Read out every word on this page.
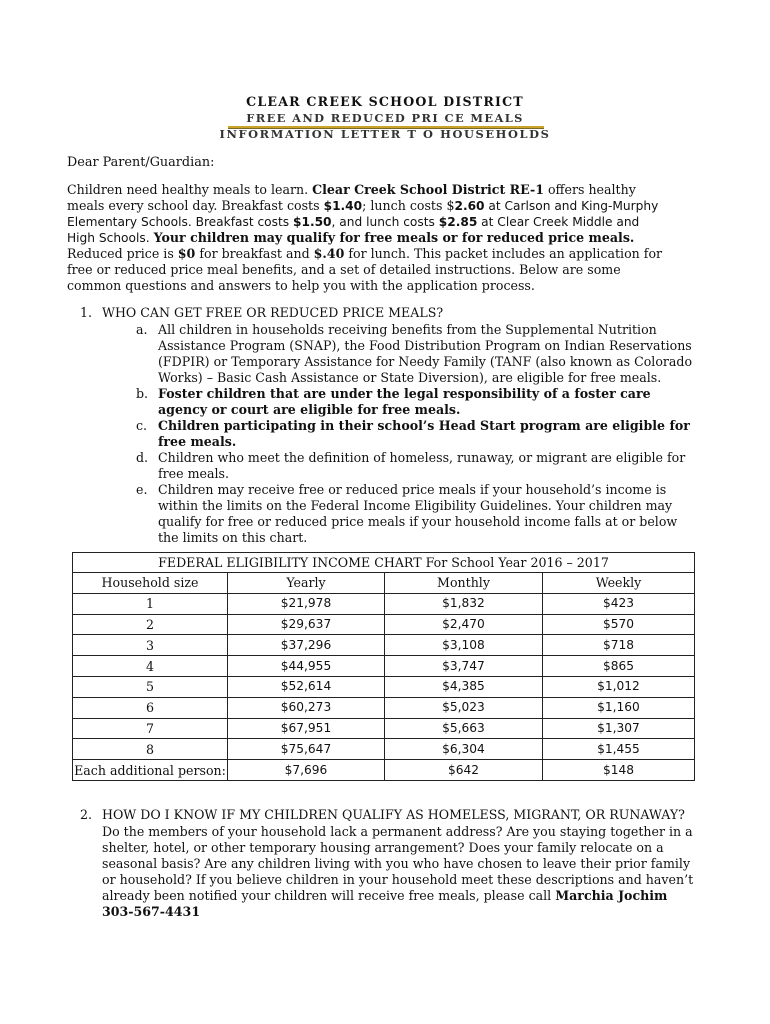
CLEAR CREEK SCHOOL DISTRICT
FREE AND REDUCED PRI CE MEALS
INFORMATION LETTER T O HOUSEHOLDS
Dear Parent/Guardian:
Children need healthy meals to learn. Clear Creek School District RE-1 offers healthy meals every school day. Breakfast costs $1.40; lunch costs $2.60 at Carlson and King-Murphy Elementary Schools. Breakfast costs $1.50, and lunch costs $2.85 at Clear Creek Middle and High Schools. Your children may qualify for free meals or for reduced price meals. Reduced price is $0 for breakfast and $.40 for lunch. This packet includes an application for free or reduced price meal benefits, and a set of detailed instructions. Below are some common questions and answers to help you with the application process.
1. WHO CAN GET FREE OR REDUCED PRICE MEALS?
a. All children in households receiving benefits from the Supplemental Nutrition Assistance Program (SNAP), the Food Distribution Program on Indian Reservations (FDPIR) or Temporary Assistance for Needy Family (TANF (also known as Colorado Works) – Basic Cash Assistance or State Diversion), are eligible for free meals.
b. Foster children that are under the legal responsibility of a foster care agency or court are eligible for free meals.
c. Children participating in their school’s Head Start program are eligible for free meals.
d. Children who meet the definition of homeless, runaway, or migrant are eligible for free meals.
e. Children may receive free or reduced price meals if your household’s income is within the limits on the Federal Income Eligibility Guidelines. Your children may qualify for free or reduced price meals if your household income falls at or below the limits on this chart.
FEDERAL ELIGIBILITY INCOME CHART For School Year 2016 – 2017			
Household size	Yearly	Monthly	Weekly
1	$21,978	$1,832	$423
2	$29,637	$2,470	$570
3	$37,296	$3,108	$718
4	$44,955	$3,747	$865
5	$52,614	$4,385	$1,012
6	$60,273	$5,023	$1,160
7	$67,951	$5,663	$1,307
8	$75,647	$6,304	$1,455
Each additional person:	$7,696	$642	$148
2. HOW DO I KNOW IF MY CHILDREN QUALIFY AS HOMELESS, MIGRANT, OR RUNAWAY?
Do the members of your household lack a permanent address? Are you staying together in a shelter, hotel, or other temporary housing arrangement? Does your family relocate on a seasonal basis? Are any children living with you who have chosen to leave their prior family or household? If you believe children in your household meet these descriptions and haven’t already been notified your children will receive free meals, please call Marchia Jochim 303-567-4431
